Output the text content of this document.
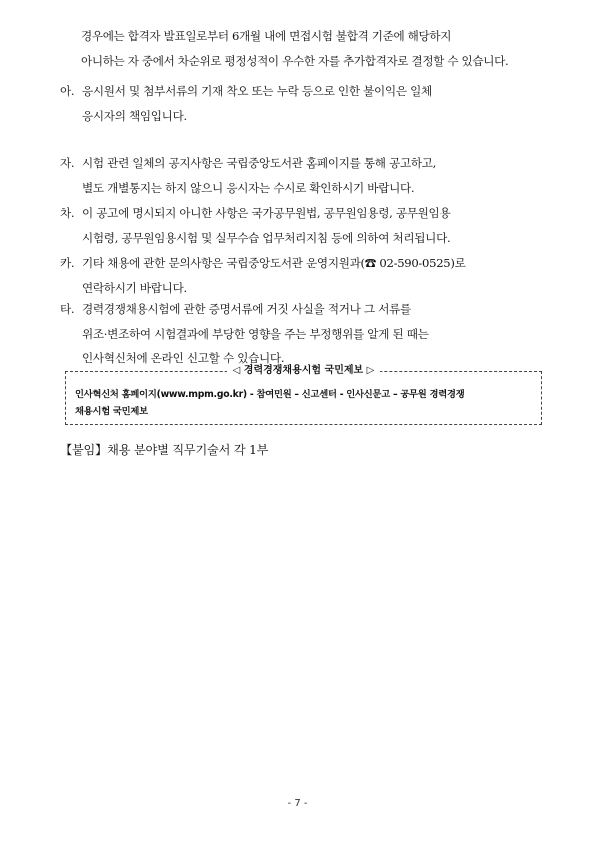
경우에는 합격자 발표일로부터 6개월 내에 면접시험 불합격 기준에 해당하지
아니하는 자 중에서 차순위로 평정성적이 우수한 자를 추가합격자로 결정할 수 있습니다.
아. 응시원서 및 첨부서류의 기재 착오 또는 누락 등으로 인한 불이익은 일체
응시자의 책임입니다.
자. 시험 관련 일체의 공지사항은 국립중앙도서관 홈페이지를 통해 공고하고,
별도 개별통지는 하지 않으니 응시자는 수시로 확인하시기 바랍니다.
차. 이 공고에 명시되지 아니한 사항은 국가공무원법, 공무원임용령, 공무원임용
시험령, 공무원임용시험 및 실무수습 업무처리지침 등에 의하여 처리됩니다.
카. 기타 채용에 관한 문의사항은 국립중앙도서관 운영지원과(☎ 02-590-0525)로
연락하시기 바랍니다.
타. 경력경쟁채용시험에 관한 증명서류에 거짓 사실을 적거나 그 서류를
위조·변조하여 시험결과에 부당한 영향을 주는 부정행위를 알게 된 때는
인사혁신처에 온라인 신고할 수 있습니다.
◁ 경력경쟁채용시험 국민제보 ▷
인사혁신처 홈페이지(www.mpm.go.kr) - 참여민원 – 신고센터 - 인사신문고 – 공무원 경력경쟁
채용시험 국민제보
【붙임】채용 분야별 직무기술서 각 1부
- 7 -
